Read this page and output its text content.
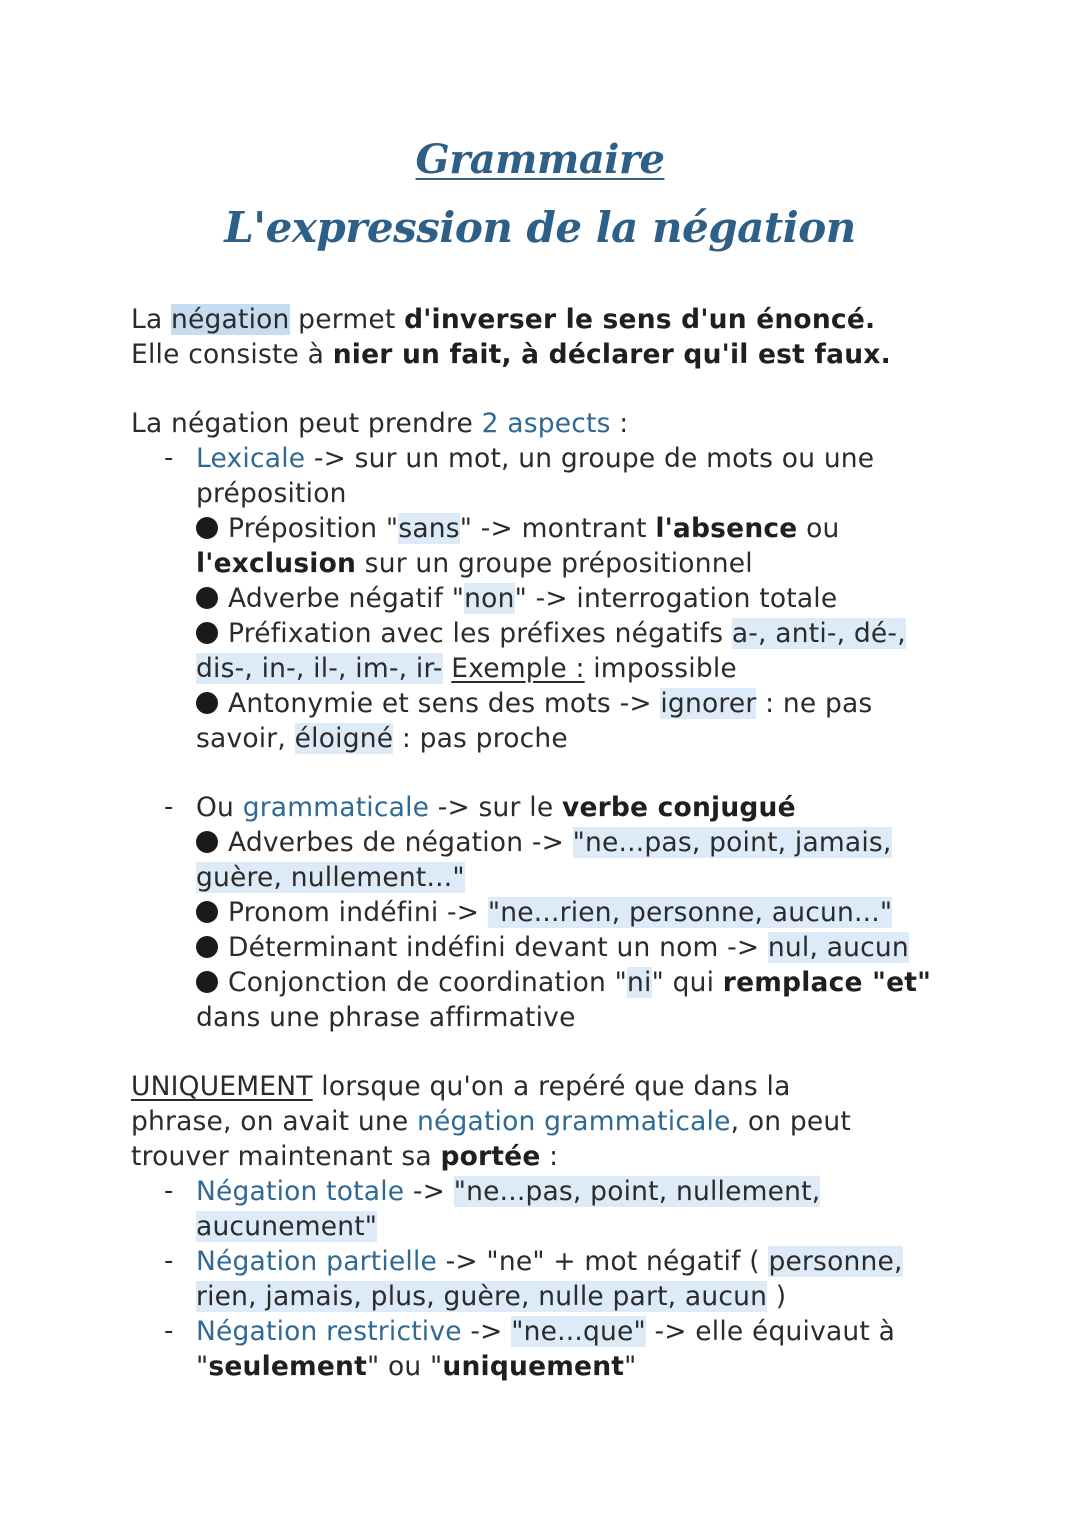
Grammaire
L'expression de la négation
La négation permet d'inverser le sens d'un énoncé.
Elle consiste à nier un fait, à déclarer qu'il est faux.
La négation peut prendre 2 aspects :
- Lexicale -> sur un mot, un groupe de mots ou une
préposition
Préposition "sans" -> montrant l'absence ou
l'exclusion sur un groupe prépositionnel
Adverbe négatif "non" -> interrogation totale
Préfixation avec les préfixes négatifs a-, anti-, dé-,
dis-, in-, il-, im-, ir- Exemple : impossible
Antonymie et sens des mots -> ignorer : ne pas
savoir, éloigné : pas proche
- Ou grammaticale -> sur le verbe conjugué
Adverbes de négation -> "ne...pas, point, jamais,
guère, nullement..."
Pronom indéfini -> "ne...rien, personne, aucun..."
Déterminant indéfini devant un nom -> nul, aucun
Conjonction de coordination "ni" qui remplace "et"
dans une phrase affirmative
UNIQUEMENT lorsque qu'on a repéré que dans la
phrase, on avait une négation grammaticale, on peut
trouver maintenant sa portée :
- Négation totale -> "ne...pas, point, nullement,
aucunement"
- Négation partielle -> "ne" + mot négatif ( personne,
rien, jamais, plus, guère, nulle part, aucun )
- Négation restrictive -> "ne...que" -> elle équivaut à
"seulement" ou "uniquement"
